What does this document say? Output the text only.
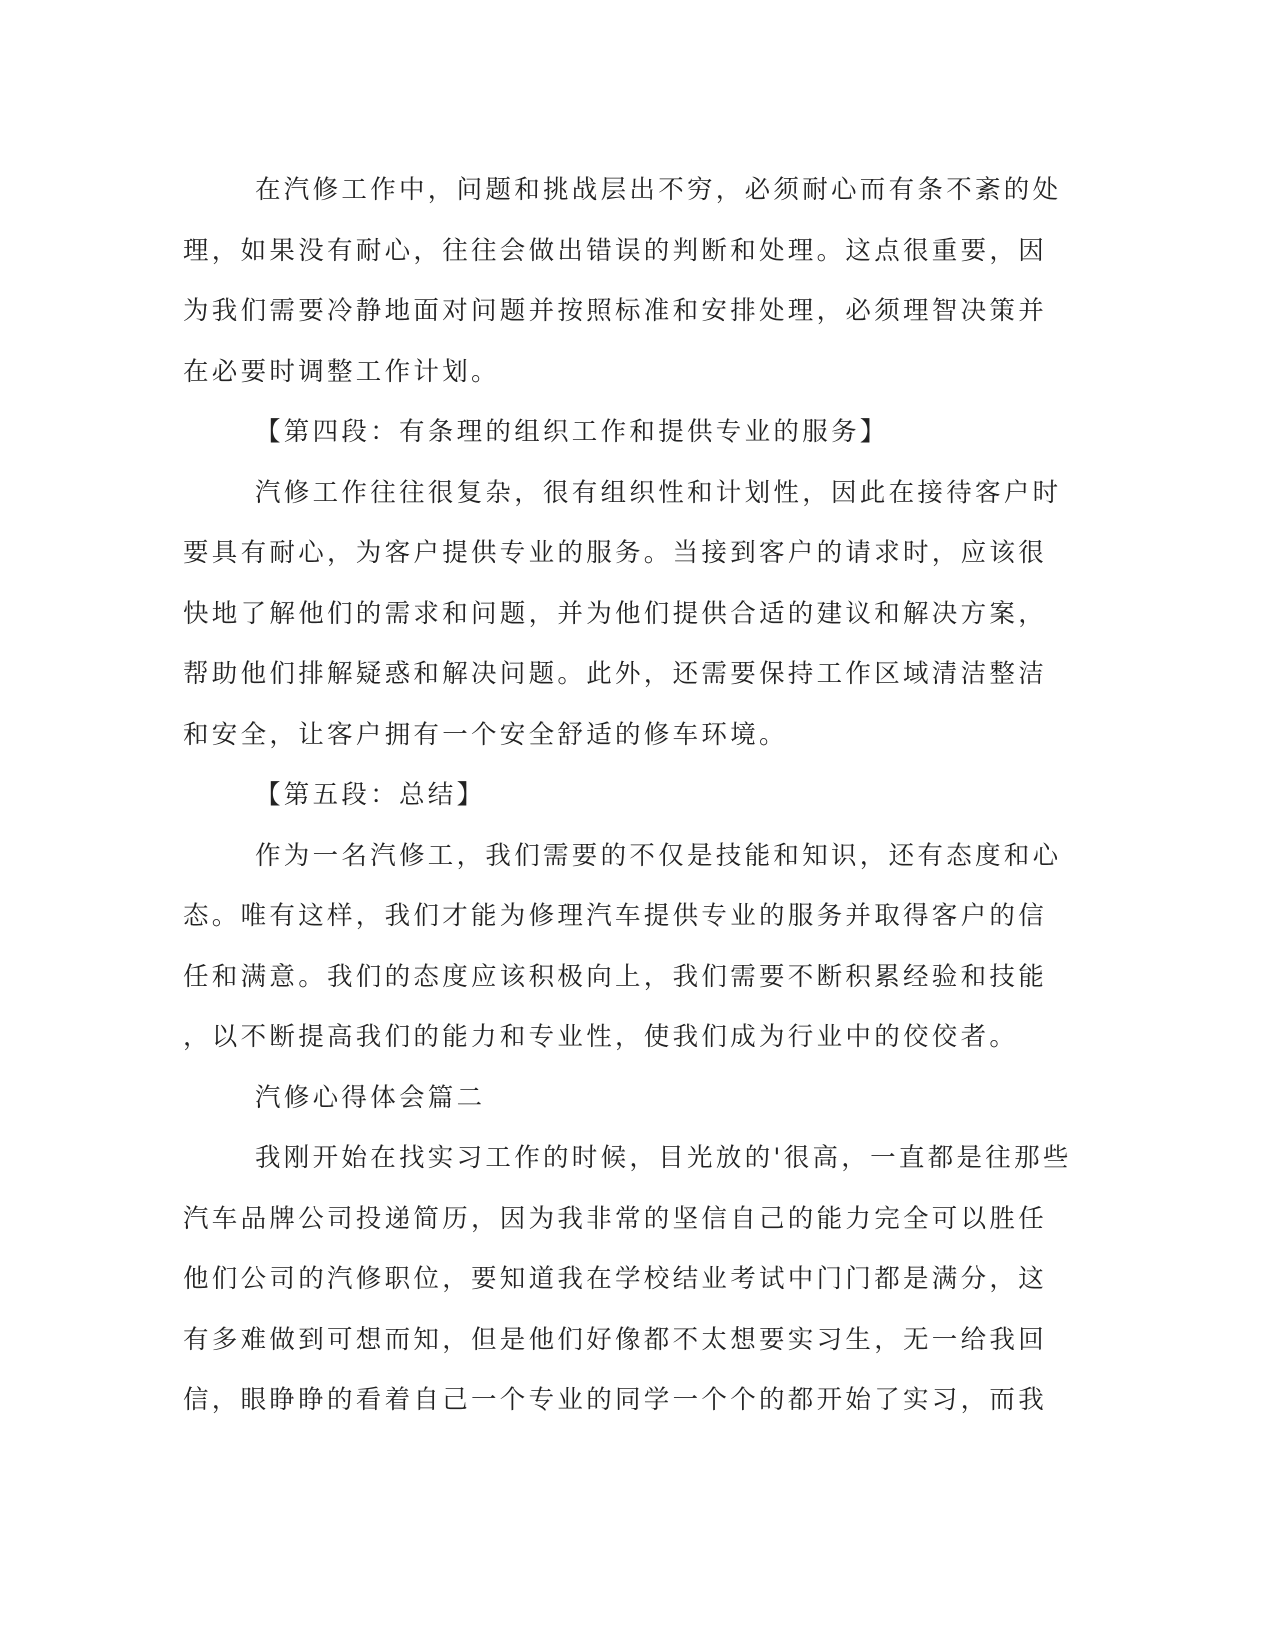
在汽修工作中，问题和挑战层出不穷，必须耐心而有条不紊的处
理，如果没有耐心，往往会做出错误的判断和处理。这点很重要，因
为我们需要冷静地面对问题并按照标准和安排处理，必须理智决策并
在必要时调整工作计划。
【第四段：有条理的组织工作和提供专业的服务】
汽修工作往往很复杂，很有组织性和计划性，因此在接待客户时
要具有耐心，为客户提供专业的服务。当接到客户的请求时，应该很
快地了解他们的需求和问题，并为他们提供合适的建议和解决方案，
帮助他们排解疑惑和解决问题。此外，还需要保持工作区域清洁整洁
和安全，让客户拥有一个安全舒适的修车环境。
【第五段：总结】
作为一名汽修工，我们需要的不仅是技能和知识，还有态度和心
态。唯有这样，我们才能为修理汽车提供专业的服务并取得客户的信
任和满意。我们的态度应该积极向上，我们需要不断积累经验和技能
，以不断提高我们的能力和专业性，使我们成为行业中的佼佼者。
汽修心得体会篇二
我刚开始在找实习工作的时候，目光放的'很高，一直都是往那些
汽车品牌公司投递简历，因为我非常的坚信自己的能力完全可以胜任
他们公司的汽修职位，要知道我在学校结业考试中门门都是满分，这
有多难做到可想而知，但是他们好像都不太想要实习生，无一给我回
信，眼睁睁的看着自己一个专业的同学一个个的都开始了实习，而我
